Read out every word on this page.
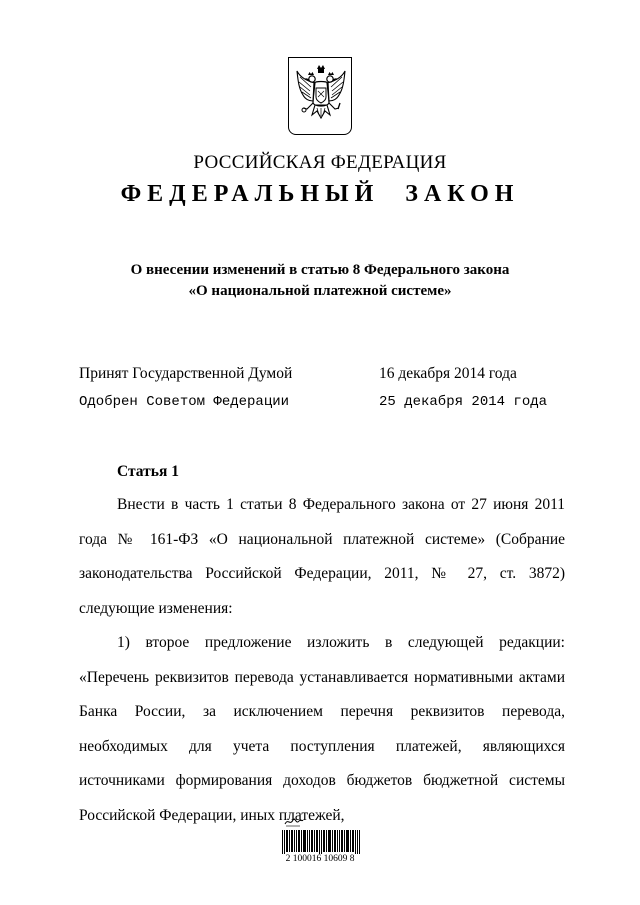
РОССИЙСКАЯ ФЕДЕРАЦИЯ
ФЕДЕРАЛЬНЫЙ ЗАКОН
О внесении изменений в статью 8 Федерального закона
«О национальной платежной системе»
Принят Государственной Думой	16 декабря 2014 года
Одобрен Советом Федерации	25 декабря 2014 года
Статья 1

Внести в часть 1 статьи 8 Федерального закона от 27 июня 2011 года № 161-ФЗ «О национальной платежной системе» (Собрание законодательства Российской Федерации, 2011, № 27, ст. 3872) следующие изменения:

1) второе предложение изложить в следующей редакции: «Перечень реквизитов перевода устанавливается нормативными актами Банка России, за исключением перечня реквизитов перевода, необходимых для учета поступления платежей, являющихся источниками формирования доходов бюджетов бюджетной системы Российской Федерации, иных платежей,

2 100016 10609 8
